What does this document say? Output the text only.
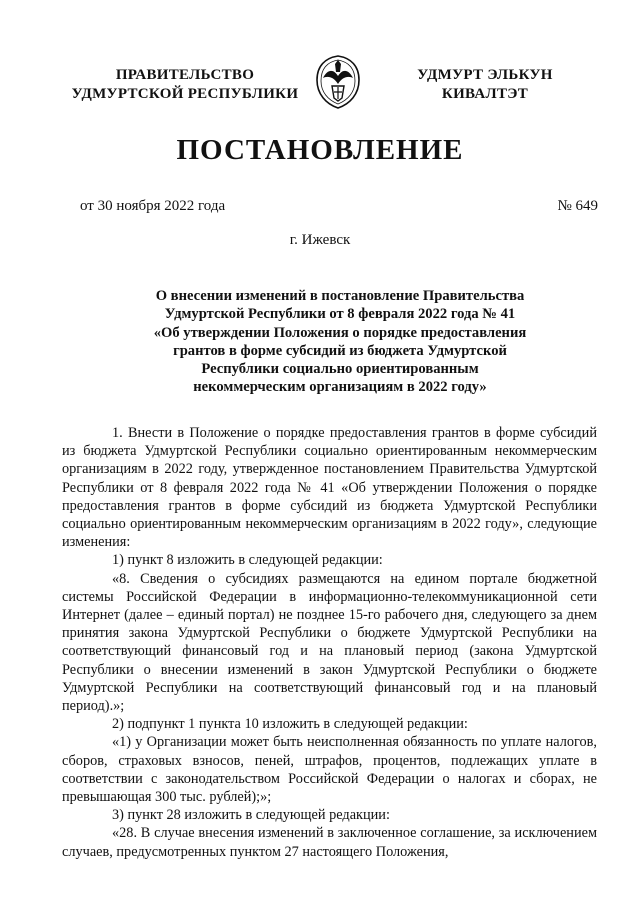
ПРАВИТЕЛЬСТВО
УДМУРТСКОЙ РЕСПУБЛИКИ
УДМУРТ ЭЛЬКУН
КИВАЛТЭТ
ПОСТАНОВЛЕНИЕ
от 30 ноября 2022 года	№ 649
г. Ижевск
О внесении изменений в постановление Правительства
Удмуртской Республики от 8 февраля 2022 года № 41
«Об утверждении Положения о порядке предоставления
грантов в форме субсидий из бюджета Удмуртской
Республики социально ориентированным
некоммерческим организациям в 2022 году»

1. Внести в Положение о порядке предоставления грантов в форме субсидий из бюджета Удмуртской Республики социально ориентированным некоммерческим организациям в 2022 году, утвержденное постановлением Правительства Удмуртской Республики от 8 февраля 2022 года № 41 «Об утверждении Положения о порядке предоставления грантов в форме субсидий из бюджета Удмуртской Республики социально ориентированным некоммерческим организациям в 2022 году», следующие изменения:

1) пункт 8 изложить в следующей редакции:

«8. Сведения о субсидиях размещаются на едином портале бюджетной системы Российской Федерации в информационно-телекоммуникационной сети Интернет (далее – единый портал) не позднее 15-го рабочего дня, следующего за днем принятия закона Удмуртской Республики о бюджете Удмуртской Республики на соответствующий финансовый год и на плановый период (закона Удмуртской Республики о внесении изменений в закон Удмуртской Республики о бюджете Удмуртской Республики на соответствующий финансовый год и на плановый период).»;

2) подпункт 1 пункта 10 изложить в следующей редакции:

«1) у Организации может быть неисполненная обязанность по уплате налогов, сборов, страховых взносов, пеней, штрафов, процентов, подлежащих уплате в соответствии с законодательством Российской Федерации о налогах и сборах, не превышающая 300 тыс. рублей);»;

3) пункт 28 изложить в следующей редакции:

«28. В случае внесения изменений в заключенное соглашение, за исключением случаев, предусмотренных пунктом 27 настоящего Положения,
